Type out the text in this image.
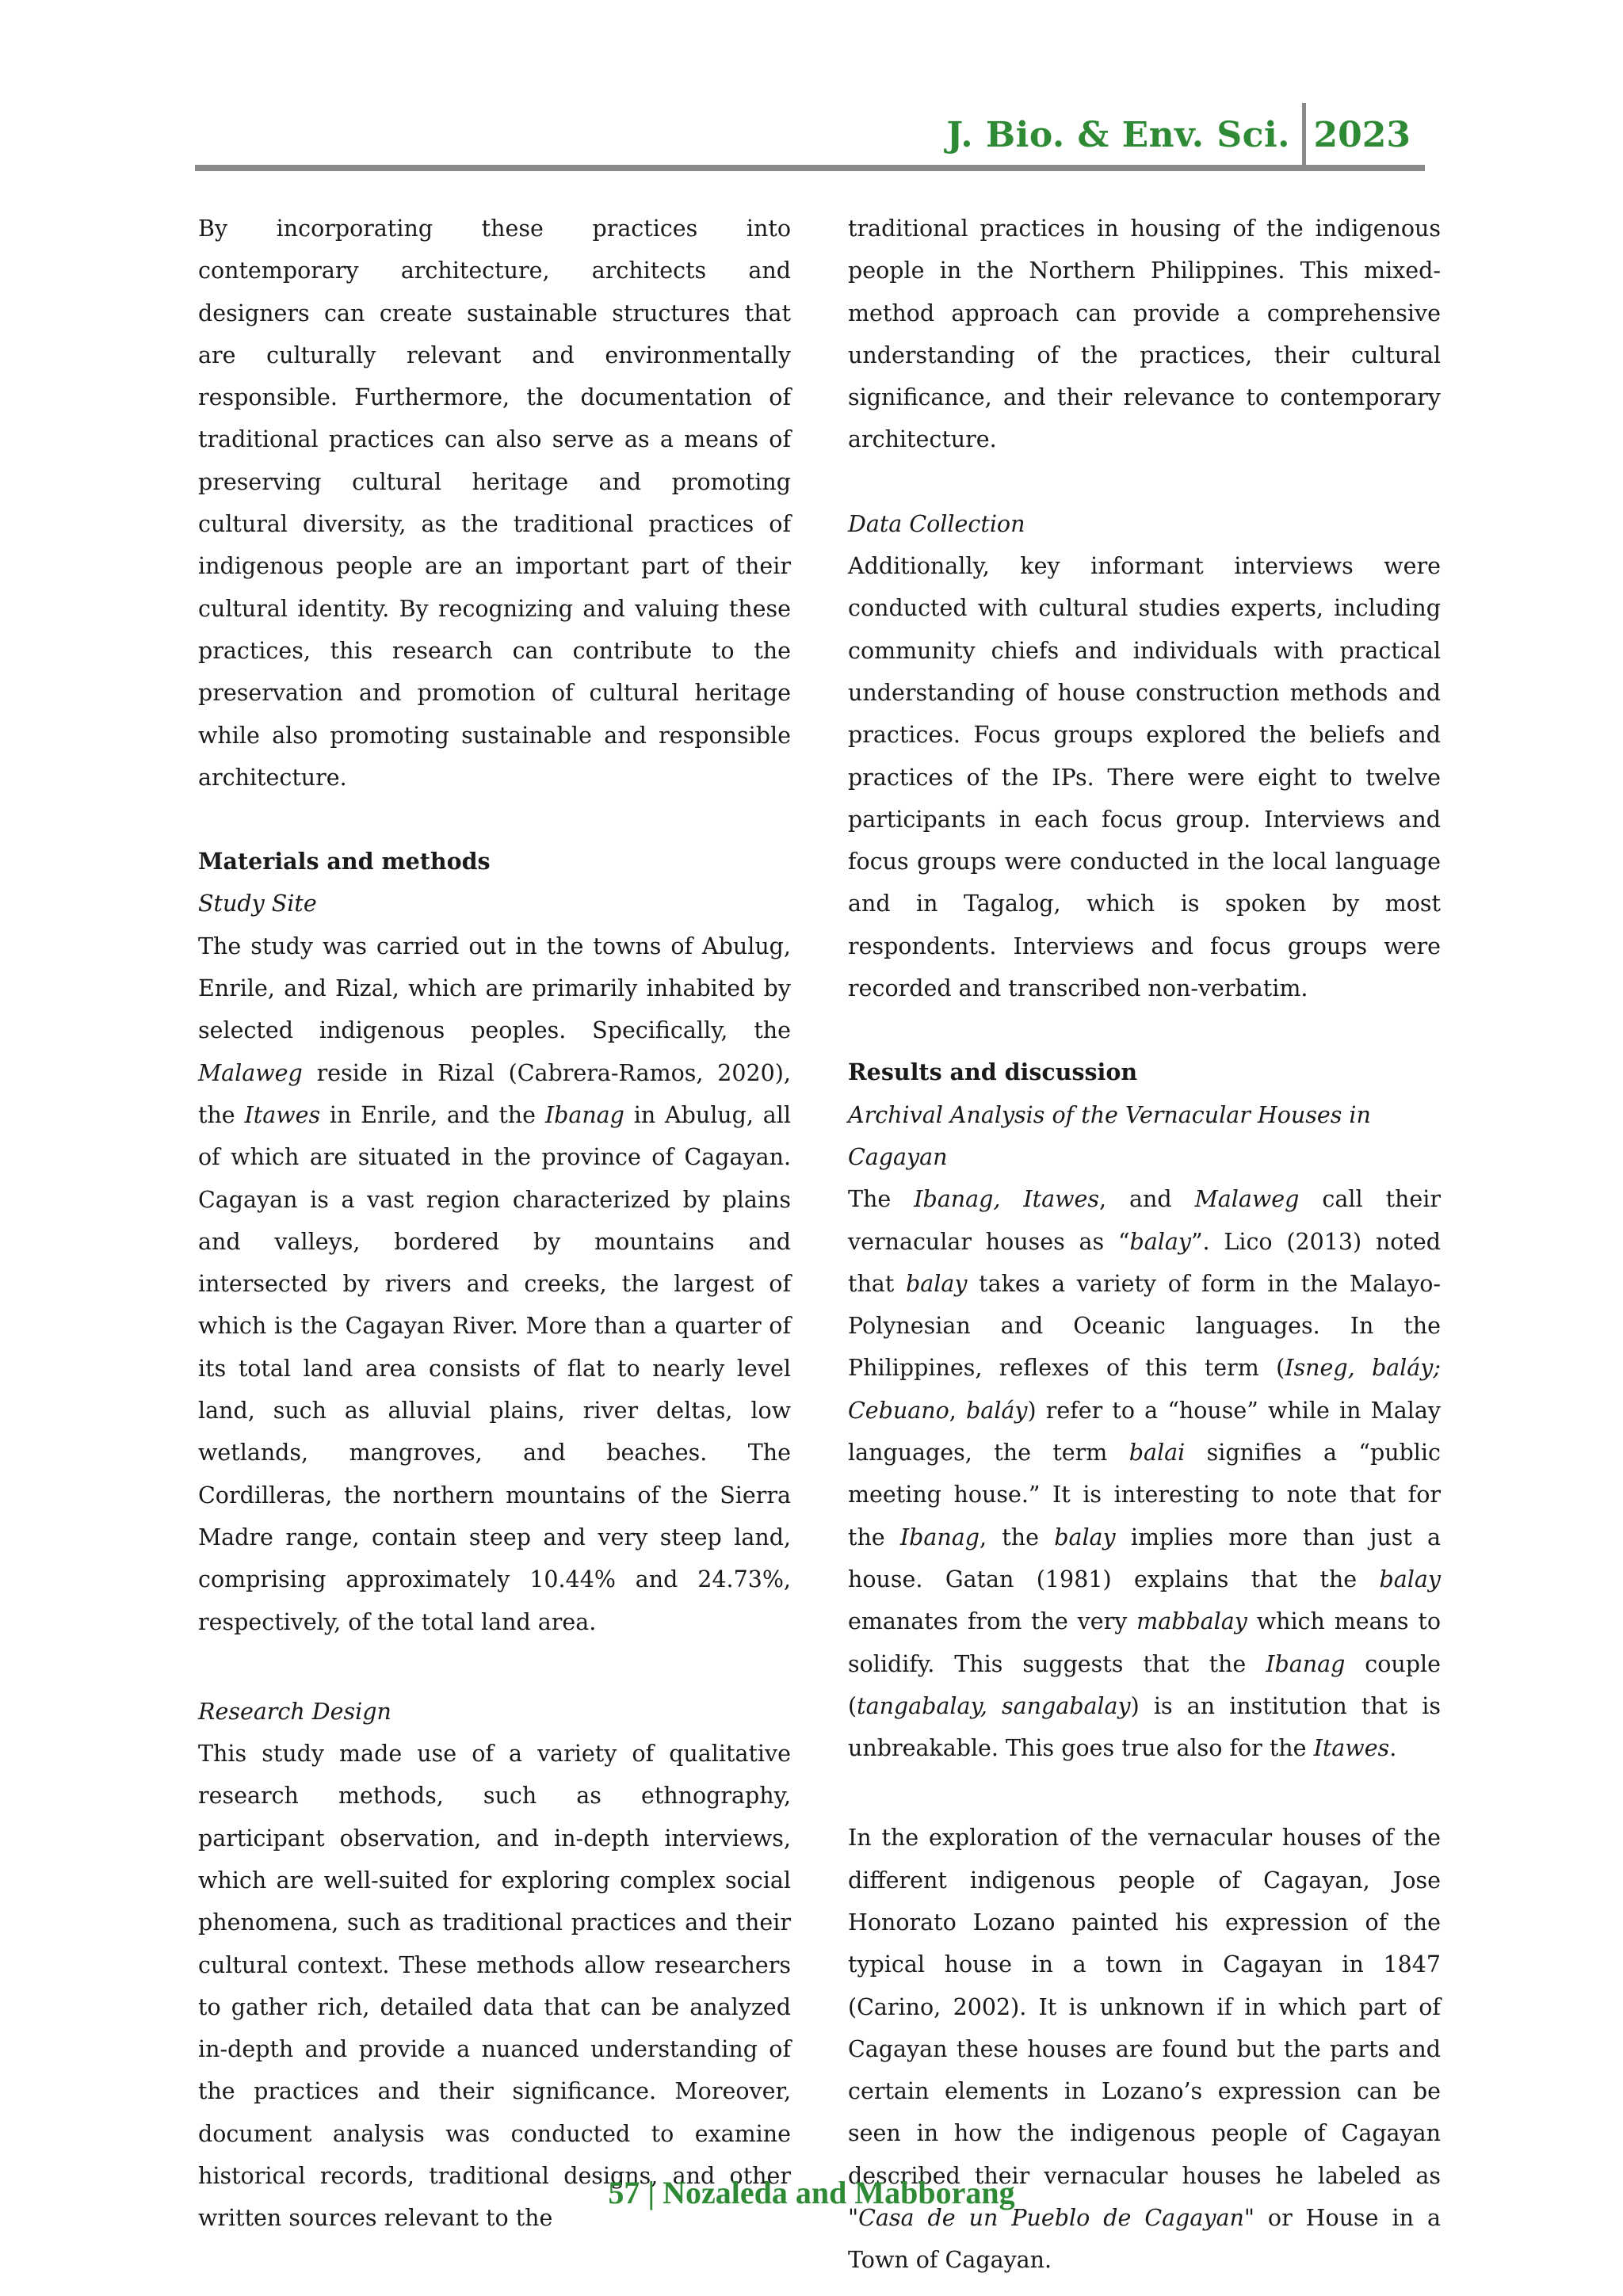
J. Bio. & Env. Sci. 2023

By incorporating these practices into contemporary architecture, architects and designers can create sustainable structures that are culturally relevant and environmentally responsible. Furthermore, the documentation of traditional practices can also serve as a means of preserving cultural heritage and promoting cultural diversity, as the traditional practices of indigenous people are an important part of their cultural identity. By recognizing and valuing these practices, this research can contribute to the preservation and promotion of cultural heritage while also promoting sustainable and responsible architecture.

Materials and methods
Study Site

The study was carried out in the towns of Abulug, Enrile, and Rizal, which are primarily inhabited by selected indigenous peoples. Specifically, the Malaweg reside in Rizal (Cabrera-Ramos, 2020), the Itawes in Enrile, and the Ibanag in Abulug, all of which are situated in the province of Cagayan. Cagayan is a vast region characterized by plains and valleys, bordered by mountains and intersected by rivers and creeks, the largest of which is the Cagayan River. More than a quarter of its total land area consists of flat to nearly level land, such as alluvial plains, river deltas, low wetlands, mangroves, and beaches. The Cordilleras, the northern mountains of the Sierra Madre range, contain steep and very steep land, comprising approximately 10.44% and 24.73%, respectively, of the total land area.

Research Design

This study made use of a variety of qualitative research methods, such as ethnography, participant observation, and in-depth interviews, which are well-suited for exploring complex social phenomena, such as traditional practices and their cultural context. These methods allow researchers to gather rich, detailed data that can be analyzed in-depth and provide a nuanced understanding of the practices and their significance. Moreover, document analysis was conducted to examine historical records, traditional designs, and other written sources relevant to the

traditional practices in housing of the indigenous people in the Northern Philippines. This mixed-method approach can provide a comprehensive understanding of the practices, their cultural significance, and their relevance to contemporary architecture.

Data Collection

Additionally, key informant interviews were conducted with cultural studies experts, including community chiefs and individuals with practical understanding of house construction methods and practices. Focus groups explored the beliefs and practices of the IPs. There were eight to twelve participants in each focus group. Interviews and focus groups were conducted in the local language and in Tagalog, which is spoken by most respondents. Interviews and focus groups were recorded and transcribed non-verbatim.

Results and discussion
Archival Analysis of the Vernacular Houses in Cagayan

The Ibanag, Itawes, and Malaweg call their vernacular houses as “balay”. Lico (2013) noted that balay takes a variety of form in the Malayo-Polynesian and Oceanic languages. In the Philippines, reflexes of this term (Isneg, baláy; Cebuano, baláy) refer to a “house” while in Malay languages, the term balai signifies a “public meeting house.” It is interesting to note that for the Ibanag, the balay implies more than just a house. Gatan (1981) explains that the balay emanates from the very mabbalay which means to solidify. This suggests that the Ibanag couple (tangabalay, sangabalay) is an institution that is unbreakable. This goes true also for the Itawes.

In the exploration of the vernacular houses of the different indigenous people of Cagayan, Jose Honorato Lozano painted his expression of the typical house in a town in Cagayan in 1847 (Carino, 2002). It is unknown if in which part of Cagayan these houses are found but the parts and certain elements in Lozano’s expression can be seen in how the indigenous people of Cagayan described their vernacular houses he labeled as "Casa de un Pueblo de Cagayan" or House in a Town of Cagayan.

57 | Nozaleda and Mabborang
